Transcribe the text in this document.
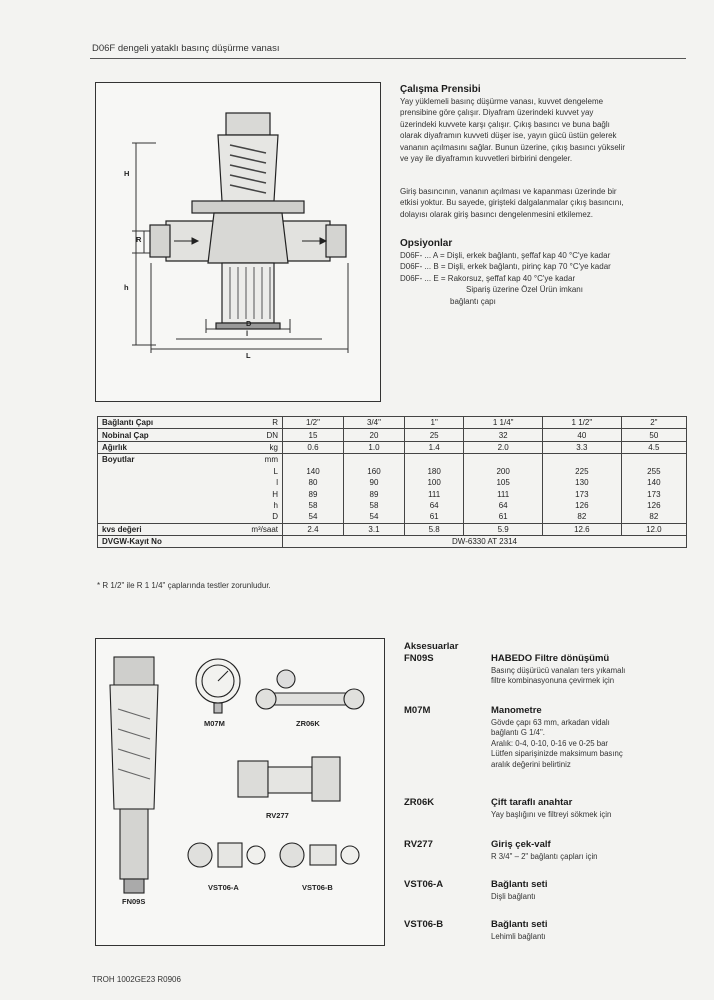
D06F dengeli yataklı basınç düşürme vanası
H
R
h
D
l
L
Çalışma Prensibi
Yay yüklemeli basınç düşürme vanası, kuvvet dengeleme
prensibine göre çalışır. Diyafram üzerindeki kuvvet yay
üzerindeki kuvvete karşı çalışır. Çıkış basıncı ve buna bağlı
olarak diyaframın kuvveti düşer ise, yayın gücü üstün gelerek
vananın açılmasını sağlar. Bunun üzerine, çıkış basıncı yükselir
ve yay ile diyaframın kuvvetleri birbirini dengeler.
Giriş basıncının, vananın açılması ve kapanması üzerinde bir
etkisi yoktur. Bu sayede, girişteki dalgalanmalar çıkış basıncını,
dolayısı olarak giriş basıncı dengelenmesini etkilemez.
Opsiyonlar
D06F- ... A = Dişli, erkek bağlantı, şeffaf kap 40 °C'ye kadar
D06F- ... B = Dişli, erkek bağlantı, pirinç kap 70 °C'ye kadar
D06F- ... E = Rakorsuz, şeffaf kap 40 °C'ye kadar
Sipariş üzerine Özel Ürün imkanı
bağlantı çapı
Bağlantı Çapı	R	1/2"	3/4"	1"	1 1/4"	1 1/2"	2"
Nobinal Çap	DN	15	20	25	32	40	50
Ağırlık	kg	0.6	1.0	1.4	2.0	3.3	4.5
Boyutlar	mm						
	L	140	160	180	200	225	255
	l	80	90	100	105	130	140
	H	89	89	111	111	173	173
	h	58	58	64	64	126	126
	D	54	54	61	61	82	82
kvs değeri	m³/saat	2.4	3.1	5.8	5.9	12.6	12.0
DVGW-Kayıt No		DW-6330 AT 2314					
* R 1/2" ile R 1 1/4" çaplarında testler zorunludur.
FN09S
M07M	ZR06K
RV277
VST06-A	VST06-B
Aksesuarlar
FN09S	HABEDO Filtre dönüşümü
Basınç düşürücü vanaları ters yıkamalı
filtre kombinasyonuna çevirmek için
M07M	Manometre
Gövde çapı 63 mm, arkadan vidalı
bağlantı G 1/4".
Aralık: 0-4, 0-10, 0-16 ve 0-25 bar
Lütfen siparişinizde maksimum basınç
aralık değerini belirtiniz
ZR06K	Çift taraflı anahtar
Yay başlığını ve filtreyi sökmek için
RV277	Giriş çek-valf
R 3/4" – 2" bağlantı çapları için
VST06-A	Bağlantı seti
Dişli bağlantı
VST06-B	Bağlantı seti
Lehimli bağlantı
TROH 1002GE23 R0906
